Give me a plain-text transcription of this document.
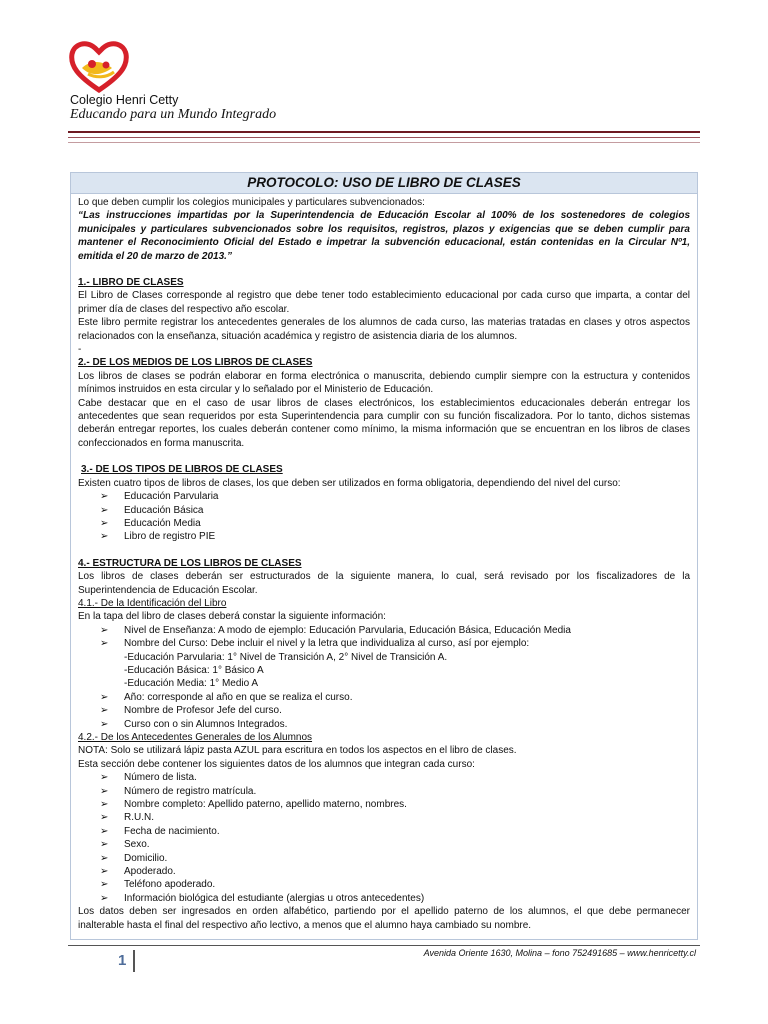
Colegio Henri Cetty
Educando para un Mundo Integrado
PROTOCOLO: USO DE LIBRO DE CLASES

Lo que deben cumplir los colegios municipales y particulares subvencionados:

“Las instrucciones impartidas por la Superintendencia de Educación Escolar al 100% de los sostenedores de colegios municipales y particulares subvencionados sobre los requisitos, registros, plazos y exigencias que se deben cumplir para mantener el Reconocimiento Oficial del Estado e impetrar la subvención educacional, están contenidas en la Circular Nº1, emitida el 20 de marzo de 2013.”

1.- LIBRO DE CLASES

El Libro de Clases corresponde al registro que debe tener todo establecimiento educacional por cada curso que imparta, a contar del primer día de clases del respectivo año escolar.

Este libro permite registrar los antecedentes generales de los alumnos de cada curso, las materias tratadas en clases y otros aspectos relacionados con la enseñanza, situación académica y registro de asistencia diaria de los alumnos.

-

2.- DE LOS MEDIOS DE LOS LIBROS DE CLASES

Los libros de clases se podrán elaborar en forma electrónica o manuscrita, debiendo cumplir siempre con la estructura y contenidos mínimos instruidos en esta circular y lo señalado por el Ministerio de Educación.

Cabe destacar que en el caso de usar libros de clases electrónicos, los establecimientos educacionales deberán entregar los antecedentes que sean requeridos por esta Superintendencia para cumplir con su función fiscalizadora. Por lo tanto, dichos sistemas deberán entregar reportes, los cuales deberán contener como mínimo, la misma información que se encuentran en los libros de clases confeccionados en forma manuscrita.

3.- DE LOS TIPOS DE LIBROS DE CLASES

Existen cuatro tipos de libros de clases, los que deben ser utilizados en forma obligatoria, dependiendo del nivel del curso:

➢ Educación Parvularia
➢ Educación Básica
➢ Educación Media
➢ Libro de registro PIE

4.- ESTRUCTURA DE LOS LIBROS DE CLASES

Los libros de clases deberán ser estructurados de la siguiente manera, lo cual, será revisado por los fiscalizadores de la Superintendencia de Educación Escolar.

4.1.- De la Identificación del Libro

En la tapa del libro de clases deberá constar la siguiente información:

➢ Nivel de Enseñanza: A modo de ejemplo: Educación Parvularia, Educación Básica, Educación Media
➢ Nombre del Curso: Debe incluir el nivel y la letra que individualiza al curso, así por ejemplo:
-Educación Parvularia: 1° Nivel de Transición A, 2° Nivel de Transición A.
-Educación Básica: 1° Básico A
-Educación Media: 1° Medio A
➢ Año: corresponde al año en que se realiza el curso.
➢ Nombre de Profesor Jefe del curso.
➢ Curso con o sin Alumnos Integrados.

4.2.- De los Antecedentes Generales de los Alumnos

NOTA: Solo se utilizará lápiz pasta AZUL para escritura en todos los aspectos en el libro de clases.

Esta sección debe contener los siguientes datos de los alumnos que integran cada curso:

➢ Número de lista.
➢ Número de registro matrícula.
➢ Nombre completo: Apellido paterno, apellido materno, nombres.
➢ R.U.N.
➢ Fecha de nacimiento.
➢ Sexo.
➢ Domicilio.
➢ Apoderado.
➢ Teléfono apoderado.
➢ Información biológica del estudiante (alergias u otros antecedentes)

Los datos deben ser ingresados en orden alfabético, partiendo por el apellido paterno de los alumnos, el que debe permanecer inalterable hasta el final del respectivo año lectivo, a menos que el alumno haya cambiado su nombre.

1	Avenida Oriente 1630, Molina – fono 752491685 – www.henricetty.cl
